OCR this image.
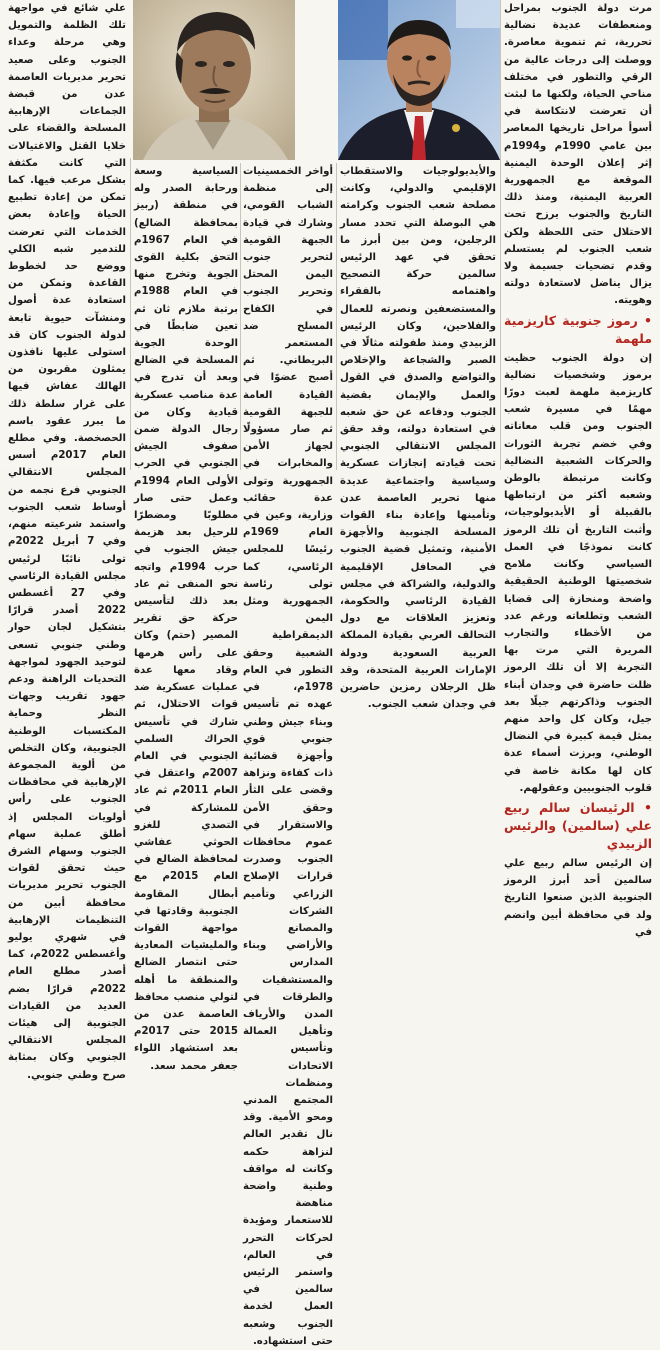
علي شائع في مواجهة تلك الظلمة والتمويل وهي مرحلة وعداء الجنوب وعلى صعيد تحرير مديريات العاصمة عدن من قبضة الجماعات الإرهابية المسلحة والقضاء على خلايا القتل والاغتيالات التي كانت مكثفة بشكل مرعب فيها. كما تمكن من إعادة تطبيع الحياة وإعادة بعض الخدمات التي تعرضت للتدمير شبه الكلي ووضع حد لخطوط القاعدة وتمكن من استعادة عدة أصول ومنشآت حيوية تابعة لدولة الجنوب كان قد استولى عليها نافذون يمثلون مقربون من الهالك عفاش فيها على غرار سلطة ذلك ما يبرر عقود باسم الحصخصة. وفي مطلع العام 2017م أسس المجلس الانتقالي الجنوبي فرع نجمه من أوساط شعب الجنوب واستمد شرعيته منهم، وفي 7 أبريل 2022م تولى نائبًا لرئيس مجلس القيادة الرئاسي وفي 27 أغسطس 2022 أصدر قرارًا بتشكيل لجان حوار وطني جنوبي تسعى لتوحيد الجهود لمواجهة التحديات الراهنة ودعم جهود تقريب وجهات النظر وحماية المكتسبات الوطنية الجنوبية، وكان التخلص من ألوية المجموعة الإرهابية في محافظات الجنوب على رأس أولويات المجلس إذ أطلق عملية سهام الجنوب وسهام الشرق حيث تحقق لقوات الجنوب تحرير مديريات محافظة أبين من التنظيمات الإرهابية في شهري يوليو وأغسطس 2022م، كما أصدر مطلع العام 2022م قرارًا بضم العديد من القيادات الجنوبية إلى هيئات المجلس الانتقالي الجنوبي وكان بمثابة صرح وطني جنوبي.

السياسية وسعة ورحابة الصدر وله في منطقة (ربيز بمحافظة الضالع) في العام 1967م التحق بكلية القوى الجوية وتخرج منها في العام 1988م برتبة ملازم ثان ثم تعين ضابطًا في الوحدة الجوية المسلحة في الضالع وبعد أن تدرج في عدة مناصب عسكرية قيادية وكان من رجال الدولة ضمن صفوف الجيش الجنوبي في الحرب الأولى العام 1994م وعمل حتى صار مطلوبًا ومضطرًا للرحيل بعد هزيمة جيش الجنوب في حرب 1994م واتجه نحو المنفى ثم عاد بعد ذلك لتأسيس حركة حق تقرير المصير (حتم) وكان على رأس هرمها وقاد معها عدة عمليات عسكرية ضد قوات الاحتلال، ثم شارك في تأسيس الحراك السلمي الجنوبي في العام 2007م واعتقل في العام 2011م ثم عاد للمشاركة في التصدي للغزو الحوثي عفاشي لمحافظة الضالع في العام 2015م مع أبطال المقاومة الجنوبية وقادتها في مواجهة القوات والمليشيات المعادية حتى انتصار الضالع والمنطقة ما أهله لتولي منصب محافظ العاصمة عدن من 2015 حتى 2017م بعد استشهاد اللواء جعفر محمد سعد.

أواخر الخمسينيات إلى منظمة الشباب القومي، وشارك في قيادة الجبهة القومية لتحرير جنوب اليمن المحتل وتحرير الجنوب في الكفاح المسلح ضد المستعمر البريطاني. ثم أصبح عضوًا في القيادة العامة للجبهة القومية ثم صار مسؤولًا لجهاز الأمن والمخابرات في الجمهورية وتولى عدة حقائب وزارية، وعين في العام 1969م رئيسًا للمجلس الرئاسي، كما تولى رئاسة الجمهورية ومثل اليمن الديمقراطية الشعبية وحقق التطور في العام 1978م، في عهده تم تأسيس وبناء جيش وطني جنوبي قوي وأجهزة قضائية ذات كفاءة ونزاهة وقضى على الثأر وحقق الأمن والاستقرار في عموم محافظات الجنوب وصدرت قرارات الإصلاح الزراعي وتأميم الشركات والمصانع والأراضي وبناء المدارس والمستشفيات والطرقات في المدن والأرياف وتأهيل العمالة وتأسيس الاتحادات ومنظمات المجتمع المدني ومحو الأمية. وقد نال تقدير العالم لنزاهة حكمه وكانت له مواقف وطنية واضحة مناهضة للاستعمار ومؤيدة لحركات التحرر في العالم، واستمر الرئيس سالمين في العمل لخدمة الجنوب وشعبه حتى استشهاده.

والأيديولوجيات والاستقطاب الإقليمي والدولي، وكانت مصلحة شعب الجنوب وكرامته هي البوصلة التي تحدد مسار الرجلين، ومن بين أبرز ما تحقق في عهد الرئيس سالمين حركة التصحيح واهتمامه بالفقراء والمستضعفين ونصرته للعمال والفلاحين، وكان الرئيس الزبيدي ومنذ طفولته مثالًا في الصبر والشجاعة والإخلاص والتواضع والصدق في القول والعمل والإيمان بقضية الجنوب ودفاعه عن حق شعبه في استعادة دولته، وقد حقق المجلس الانتقالي الجنوبي تحت قيادته إنجازات عسكرية وسياسية واجتماعية عديدة منها تحرير العاصمة عدن وتأمينها وإعادة بناء القوات المسلحة الجنوبية والأجهزة الأمنية، وتمثيل قضية الجنوب في المحافل الإقليمية والدولية، والشراكة في مجلس القيادة الرئاسي والحكومة، وتعزيز العلاقات مع دول التحالف العربي بقيادة المملكة العربية السعودية ودولة الإمارات العربية المتحدة، وقد ظل الرجلان رمزين حاضرين في وجدان شعب الجنوب.

مرت دولة الجنوب بمراحل ومنعطفات عديدة نضالية تحررية، ثم تنموية معاصرة. ووصلت إلى درجات عالية من الرقي والتطور في مختلف مناحي الحياة، ولكنها ما لبثت أن تعرضت لانتكاسة في أسوأ مراحل تاريخها المعاصر بين عامي 1990م و1994م إثر إعلان الوحدة اليمنية الموقعة مع الجمهورية العربية اليمنية، ومنذ ذلك التاريخ والجنوب يرزح تحت الاحتلال حتى اللحظة ولكن شعب الجنوب لم يستسلم وقدم تضحيات جسيمة ولا يزال يناضل لاستعادة دولته وهويته.

• رموز جنوبية كاريزمية ملهمة

إن دولة الجنوب حظيت برموز وشخصيات نضالية كاريزمية ملهمة لعبت دورًا مهمًا في مسيرة شعب الجنوب ومن قلب معاناته وفي خضم تجربة الثورات والحركات الشعبية النضالية وكانت مرتبطة بالوطن وشعبه أكثر من ارتباطها بالقبيلة أو الأيديولوجيات، وأثبت التاريخ أن تلك الرموز كانت نموذجًا في العمل السياسي وكانت ملامح شخصيتها الوطنية الحقيقية واضحة ومنحازة إلى قضايا الشعب وتطلعاته ورغم عدد من الأخطاء والتجارب المريرة التي مرت بها التجربة إلا أن تلك الرموز ظلت حاضرة في وجدان أبناء الجنوب وذاكرتهم جيلًا بعد جيل، وكان كل واحد منهم يمثل قيمة كبيرة في النضال الوطني، وبرزت أسماء عدة كان لها مكانة خاصة في قلوب الجنوبيين وعقولهم.

• الرئيسان سالم ربيع علي (سالمين) والرئيس الزبيدي

إن الرئيس سالم ربيع علي سالمين أحد أبرز الرموز الجنوبية الذين صنعوا التاريخ ولد في محافظة أبين وانضم في
